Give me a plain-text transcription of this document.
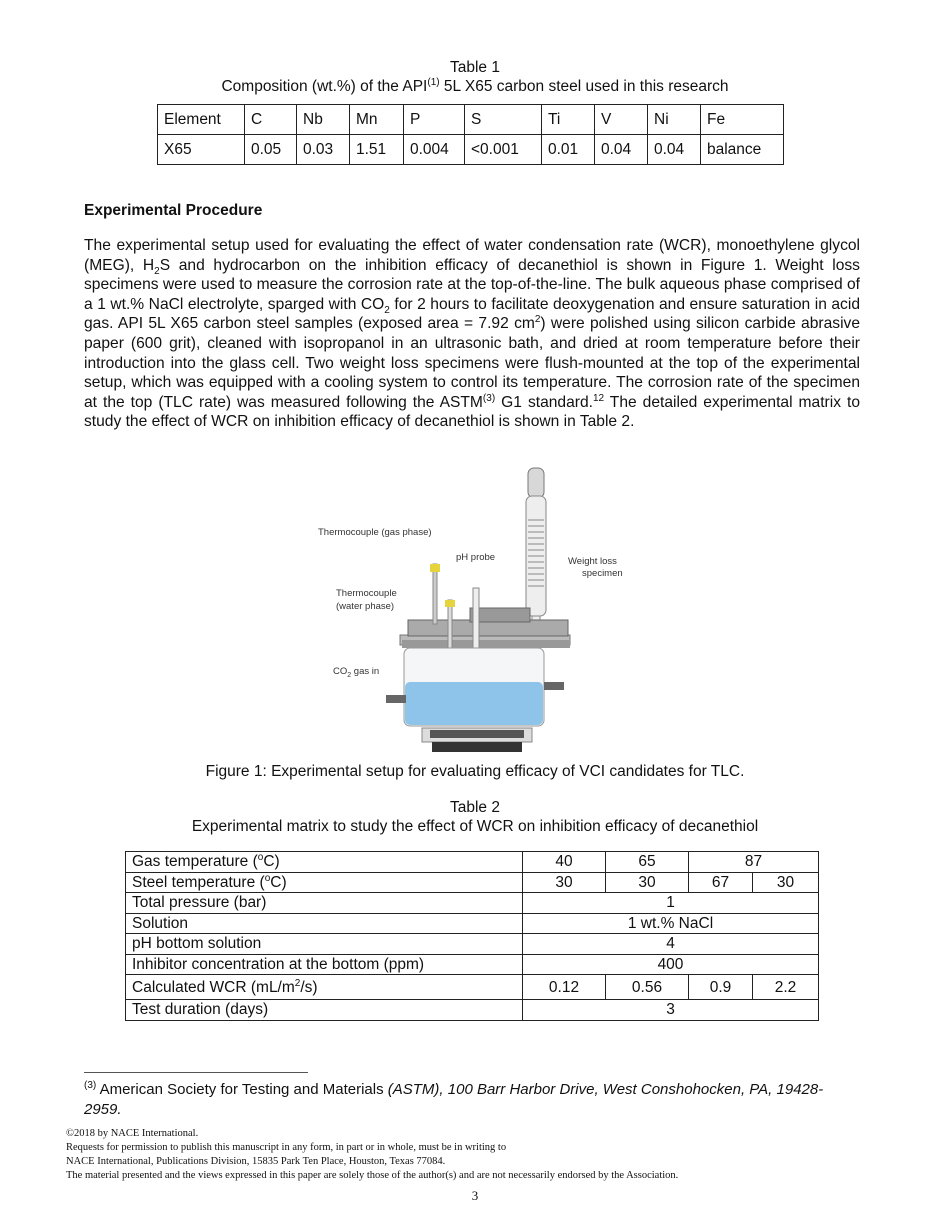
Table 1
Composition (wt.%) of the API$^{(1)}$ 5L X65 carbon steel used in this research
Element	C	Nb	Mn	P	S	Ti	V	Ni	Fe
X65	0.05	0.03	1.51	0.004	<0.001	0.01	0.04	0.04	balance
Experimental Procedure
The experimental setup used for evaluating the effect of water condensation rate (WCR), monoethylene glycol (MEG), $H_2S$ and hydrocarbon on the inhibition efficacy of decanethiol is shown in Figure 1. Weight loss specimens were used to measure the corrosion rate at the top-of-the-line. The bulk aqueous phase comprised of a 1 wt.% NaCl electrolyte, sparged with $CO_2$ for 2 hours to facilitate deoxygenation and ensure saturation in acid gas. API 5L X65 carbon steel samples (exposed area = 7.92 $cm^2$) were polished using silicon carbide abrasive paper (600 grit), cleaned with isopropanol in an ultrasonic bath, and dried at room temperature before their introduction into the glass cell. Two weight loss specimens were flush-mounted at the top of the experimental setup, which was equipped with a cooling system to control its temperature. The corrosion rate of the specimen at the top (TLC rate) was measured following the ASTM$^{(3)}$ G1 standard.$^{12}$ The detailed experimental matrix to study the effect of WCR on inhibition efficacy of decanethiol is shown in Table 2.
Thermocouple (gas phase)
pH probe	Weight loss
specimen
Thermocouple
(water phase)
$CO_2$ gas in
Figure 1: Experimental setup for evaluating efficacy of VCI candidates for TLC.
Table 2
Experimental matrix to study the effect of WCR on inhibition efficacy of decanethiol
Gas temperature ($^o$C)	40	65	87	
Steel temperature ($^o$C)	30	30	67	30
Total pressure (bar)	1			
Solution	1 wt.% NaCl			
pH bottom solution	4			
Inhibitor concentration at the bottom (ppm)	400			
Calculated WCR $(mL/m^2/s)$	0.12	0.56	0.9	2.2
Test duration (days)	3			
$^{(3)}$ American Society for Testing and Materials (ASTM), 100 Barr Harbor Drive, West Conshohocken, PA, 19428-2959.
©2018 by NACE International.
Requests for permission to publish this manuscript in any form, in part or in whole, must be in writing to
NACE International, Publications Division, 15835 Park Ten Place, Houston, Texas 77084.
The material presented and the views expressed in this paper are solely those of the author(s) and are not necessarily endorsed by the Association.
3
